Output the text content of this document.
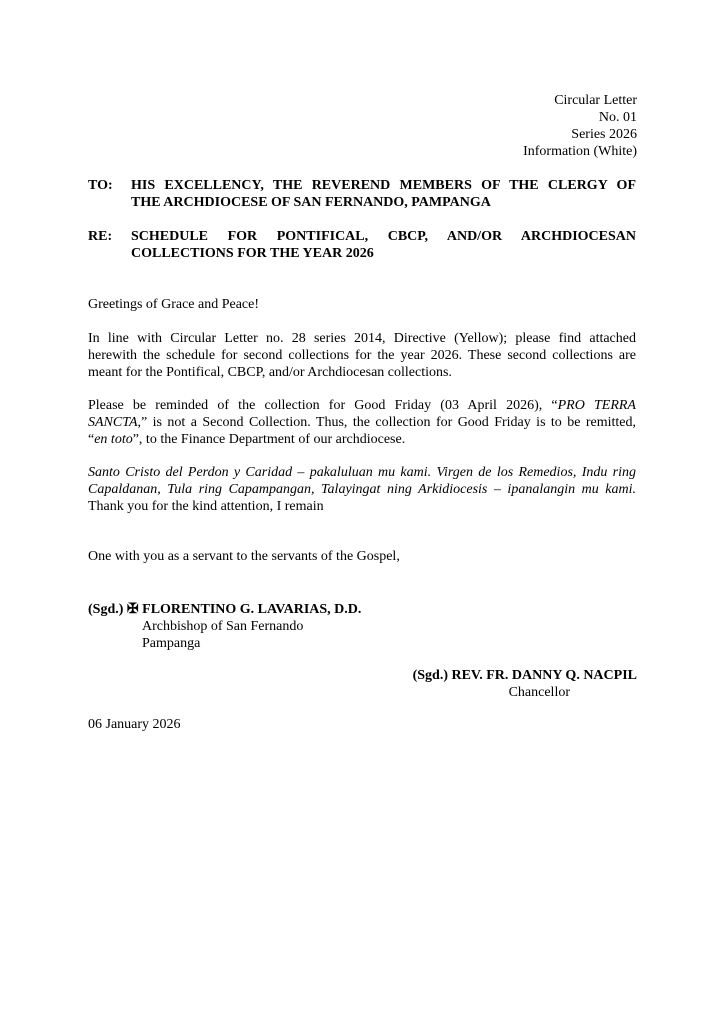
Circular Letter
No. 01
Series 2026
Information (White)
TO:	HIS EXCELLENCY, THE REVEREND MEMBERS OF THE CLERGY OF
THE ARCHDIOCESE OF SAN FERNANDO, PAMPANGA
RE:	SCHEDULE FOR PONTIFICAL, CBCP, AND/OR ARCHDIOCESAN
COLLECTIONS FOR THE YEAR 2026
Greetings of Grace and Peace!
In line with Circular Letter no. 28 series 2014, Directive (Yellow); please find attached
herewith the schedule for second collections for the year 2026. These second collections are
meant for the Pontifical, CBCP, and/or Archdiocesan collections.
Please be reminded of the collection for Good Friday (03 April 2026), “PRO TERRA
SANCTA,” is not a Second Collection. Thus, the collection for Good Friday is to be remitted,
“en toto”, to the Finance Department of our archdiocese.
Santo Cristo del Perdon y Caridad – pakaluluan mu kami. Virgen de los Remedios, Indu ring
Capaldanan, Tula ring Capampangan, Talayingat ning Arkidiocesis – ipanalangin mu kami.
Thank you for the kind attention, I remain
One with you as a servant to the servants of the Gospel,
(Sgd.) ✠ FLORENTINO G. LAVARIAS, D.D.
Archbishop of San Fernando
Pampanga
(Sgd.) REV. FR. DANNY Q. NACPIL
Chancellor
06 January 2026
